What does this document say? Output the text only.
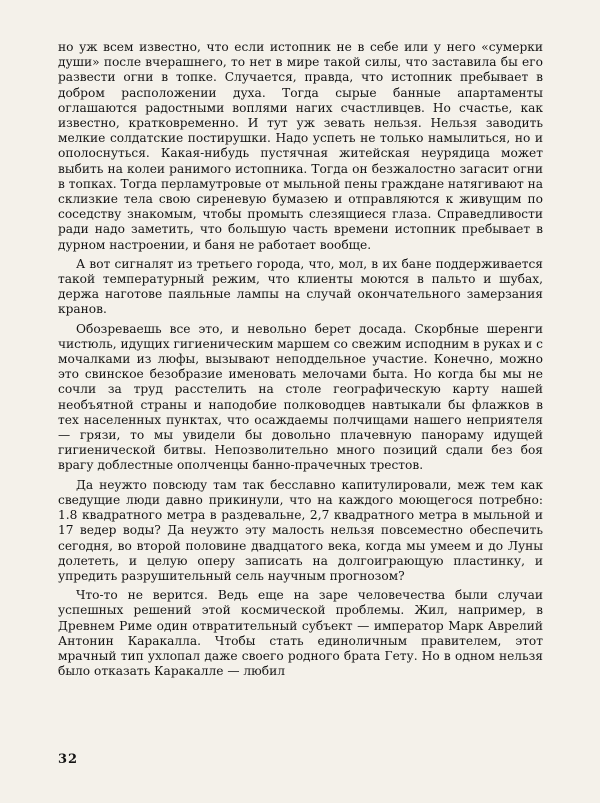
но уж всем известно, что если истопник не в себе или у него «сумерки души» после вчерашнего, то нет в мире такой силы, что заставила бы его развести огни в топке. Случается, правда, что истопник пребывает в добром расположении духа. Тогда сырые банные апартаменты оглашаются радостными воплями нагих счастливцев. Но счастье, как известно, кратковременно. И тут уж зевать нельзя. Нельзя заводить мелкие солдатские постирушки. Надо успеть не только намылиться, но и ополоснуться. Какая-нибудь пустячная житейская неурядица может выбить на колеи ранимого истопника. Тогда он безжалостно загасит огни в топках. Тогда перламутровые от мыльной пены граждане натягивают на склизкие тела свою сиреневую бумазею и отправляются к живущим по соседству знакомым, чтобы промыть слезящиеся глаза. Справедливости ради надо заметить, что большую часть времени истопник пребывает в дурном настроении, и баня не работает вообще.

А вот сигналят из третьего города, что, мол, в их бане поддерживается такой температурный режим, что клиенты моются в пальто и шубах, держа наготове паяльные лампы на случай окончательного замерзания кранов.

Обозреваешь все это, и невольно берет досада. Скорбные шеренги чистюль, идущих гигиеническим маршем со свежим исподним в руках и с мочалками из люфы, вызывают неподдельное участие. Конечно, можно это свинское безобразие именовать мелочами быта. Но когда бы мы не сочли за труд расстелить на столе географическую карту нашей необъятной страны и наподобие полководцев навтыкали бы флажков в тех населенных пунктах, что осаждаемы полчищами нашего неприятеля — грязи, то мы увидели бы довольно плачевную панораму идущей гигиенической битвы. Непозволительно много позиций сдали без боя врагу доблестные ополченцы банно-прачечных трестов.

Да неужто повсюду там так бесславно капитулировали, меж тем как сведущие люди давно прикинули, что на каждого моющегося потребно: 1.8 квадратного метра в раздевальне, 2,7 квадратного метра в мыльной и 17 ведер воды? Да неужто эту малость нельзя повсеместно обеспечить сегодня, во второй половине двадцатого века, когда мы умеем и до Луны долететь, и целую оперу записать на долгоиграющую пластинку, и упредить разрушительный сель научным прогнозом?

Что-то не верится. Ведь еще на заре человечества были случаи успешных решений этой космической проблемы. Жил, например, в Древнем Риме один отвратительный субъект — император Марк Аврелий Антонин Каракалла. Чтобы стать единоличным правителем, этот мрачный тип ухлопал даже своего родного брата Гету. Но в одном нельзя было отказать Каракалле — любил

32
